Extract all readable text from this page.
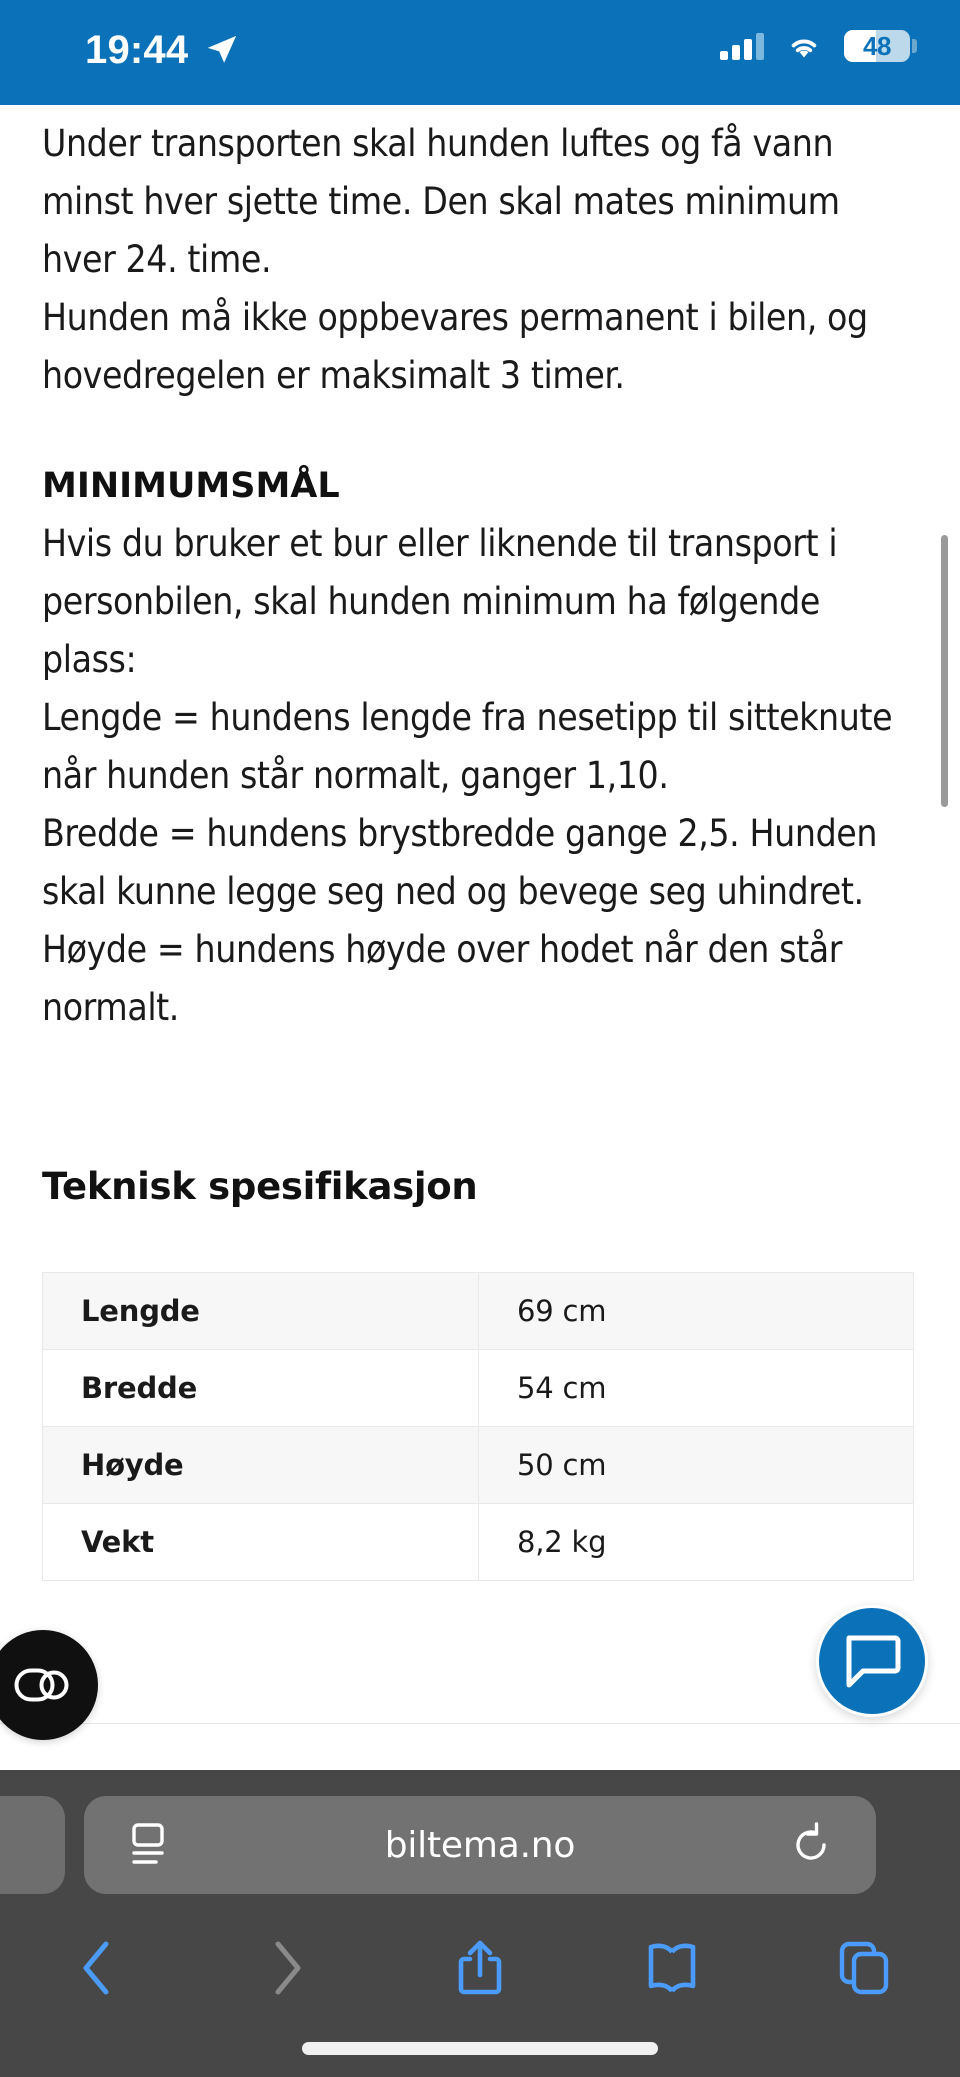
19:44	48
Under transporten skal hunden luftes og få vann minst hver sjette time. Den skal mates minimum hver 24. time.
Hunden må ikke oppbevares permanent i bilen, og hovedregelen er maksimalt 3 timer.
MINIMUMSMÅL
Hvis du bruker et bur eller liknende til transport i personbilen, skal hunden minimum ha følgende plass:
Lengde = hundens lengde fra nesetipp til sitteknute når hunden står normalt, ganger 1,10.
Bredde = hundens brystbredde gange 2,5. Hunden skal kunne legge seg ned og bevege seg uhindret.
Høyde = hundens høyde over hodet når den står normalt.
Teknisk spesifikasjon
Lengde	69 cm
Bredde	54 cm
Høyde	50 cm
Vekt	8,2 kg
biltema.no
